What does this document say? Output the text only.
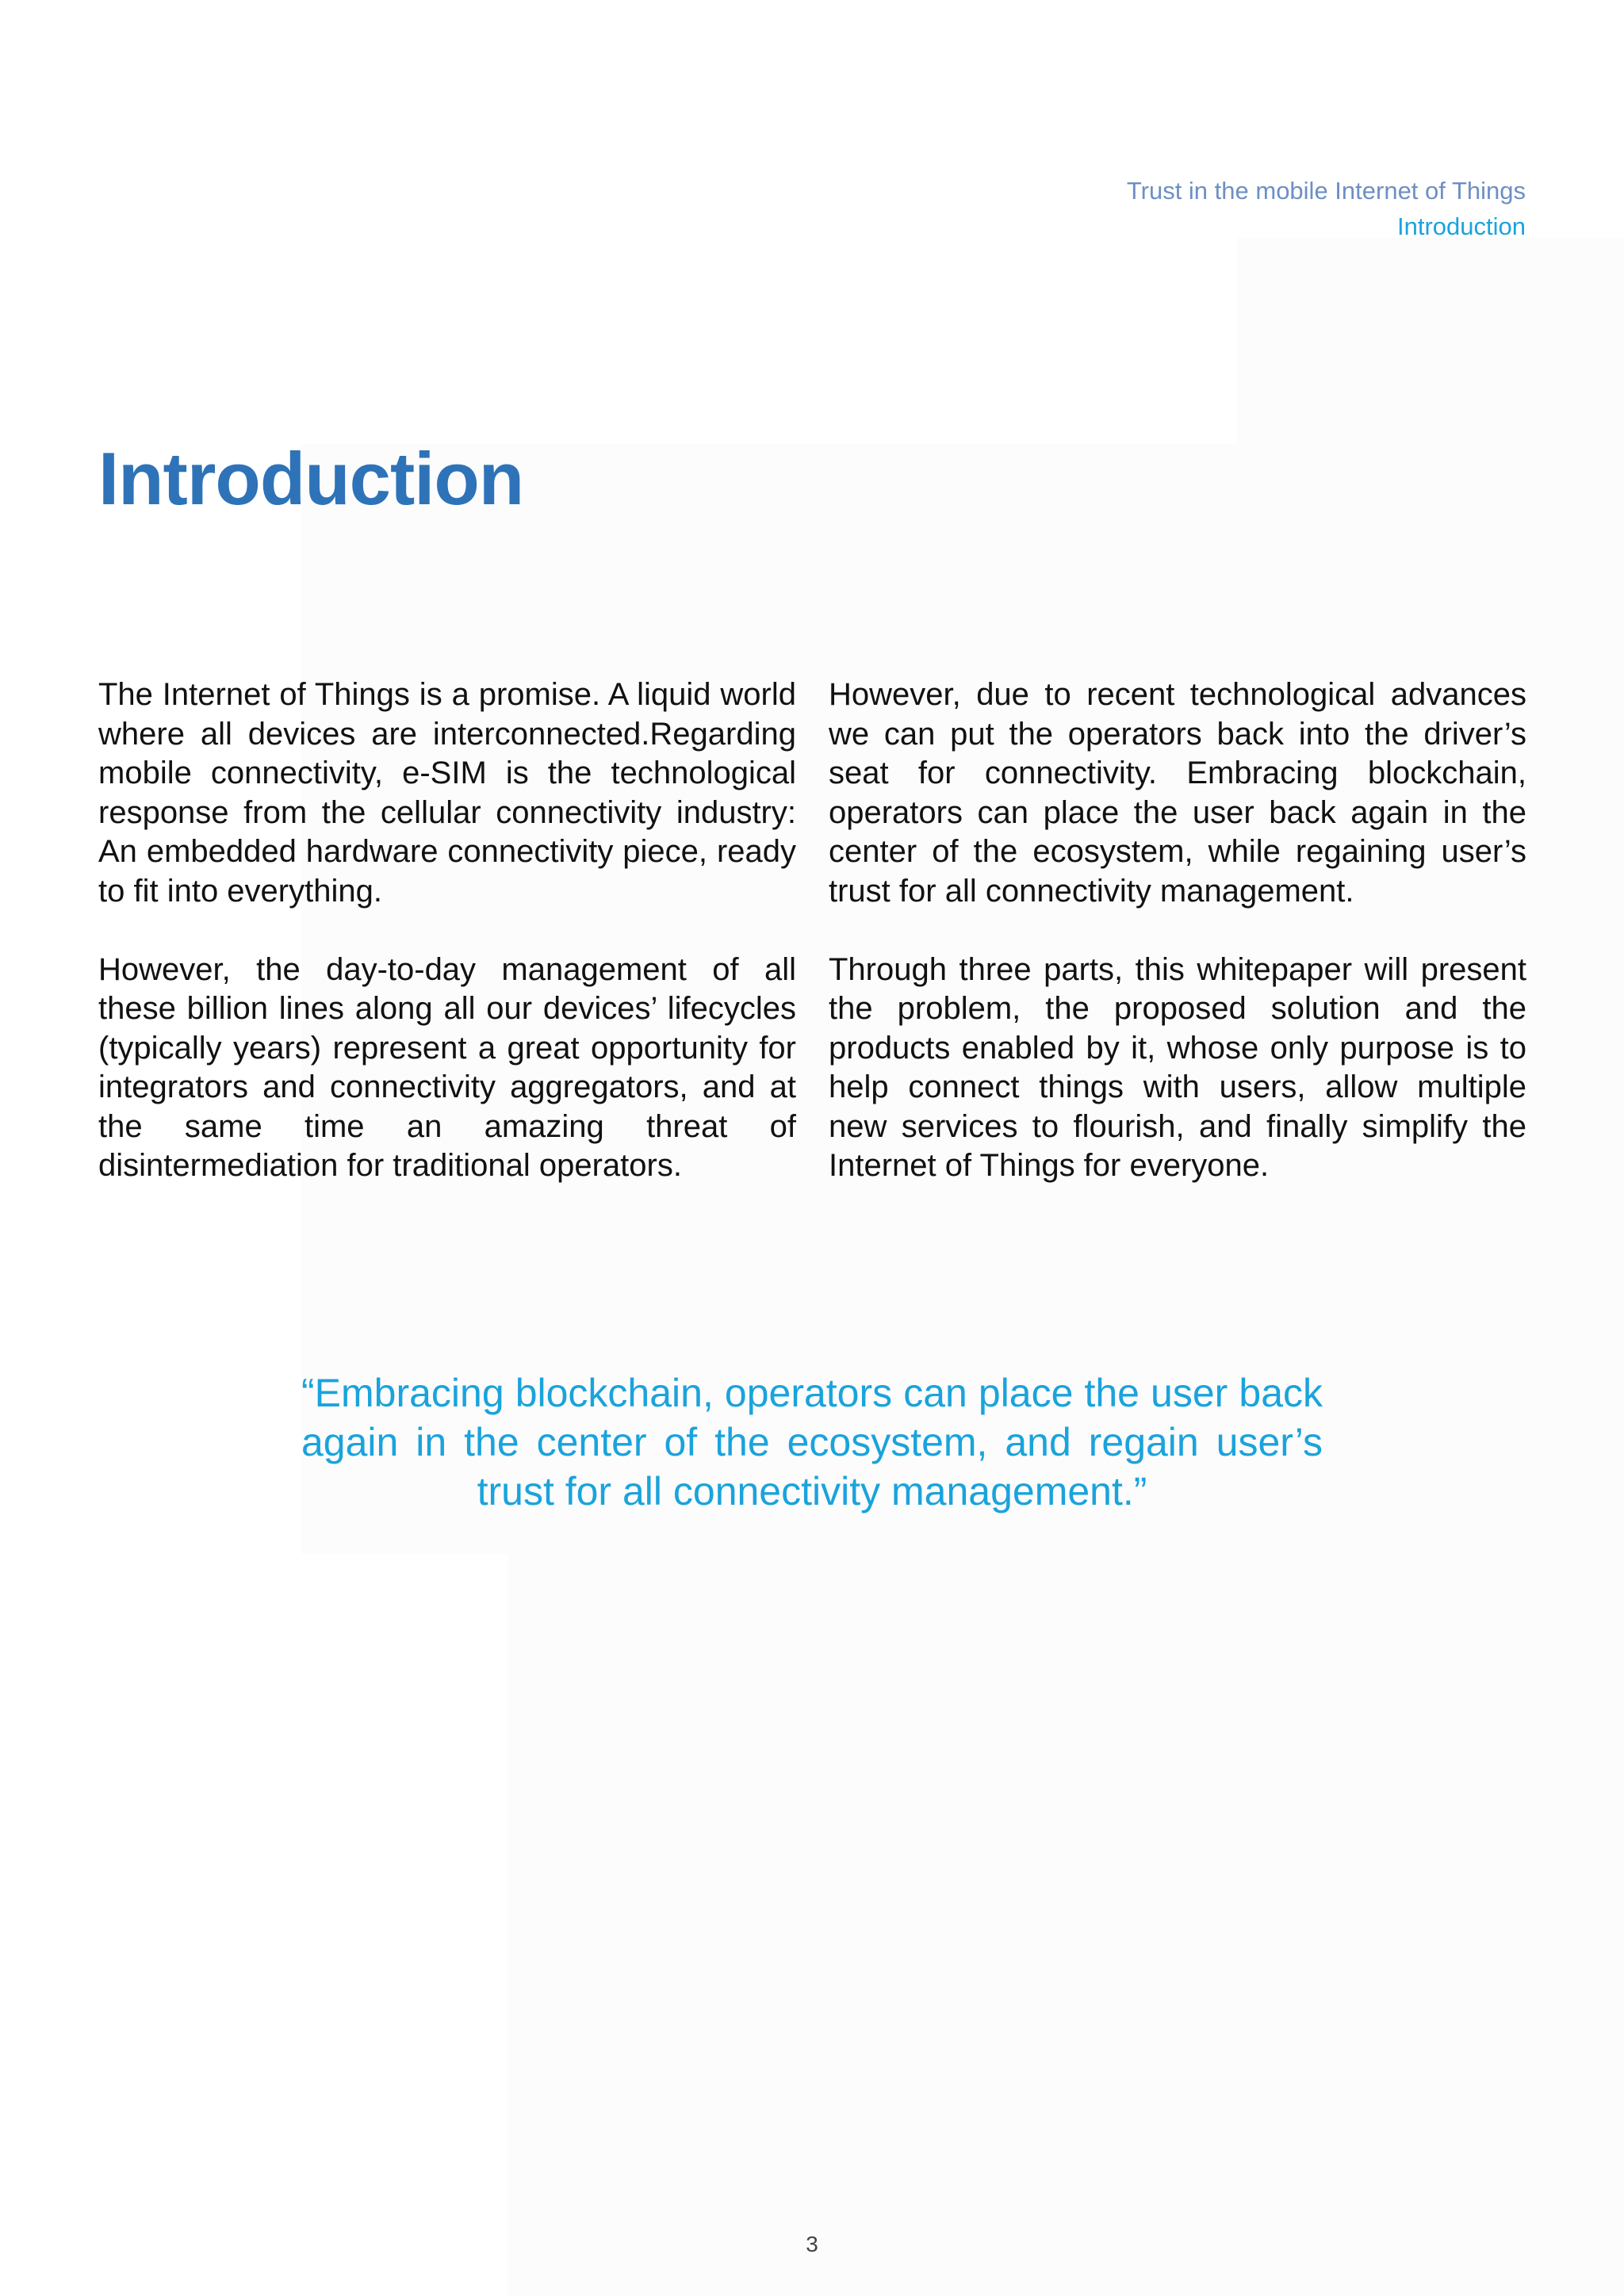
Trust in the mobile Internet of Things
Introduction
Introduction

The Internet of Things is a promise. A liquid world where all devices are interconnected.Regarding mobile connectivity, e-SIM is the technological response from the cellular connectivity industry: An embedded hardware connectivity piece, ready to fit into everything.

However, the day-to-day management of all these billion lines along all our devices’ lifecycles (typically years) represent a great opportunity for integrators and connectivity aggregators, and at the same time an amazing threat of disintermediation for traditional operators.

However, due to recent technological advances we can put the operators back into the driver’s seat for connectivity. Embracing blockchain, operators can place the user back again in the center of the ecosystem, while regaining user’s trust for all connectivity management.

Through three parts, this whitepaper will present the problem, the proposed solution and the products enabled by it, whose only purpose is to help connect things with users, allow multiple new services to flourish, and finally simplify the Internet of Things for everyone.

“Embracing blockchain, operators can place the user back again in the center of the ecosystem, and regain user’s trust for all connectivity management.”

3
